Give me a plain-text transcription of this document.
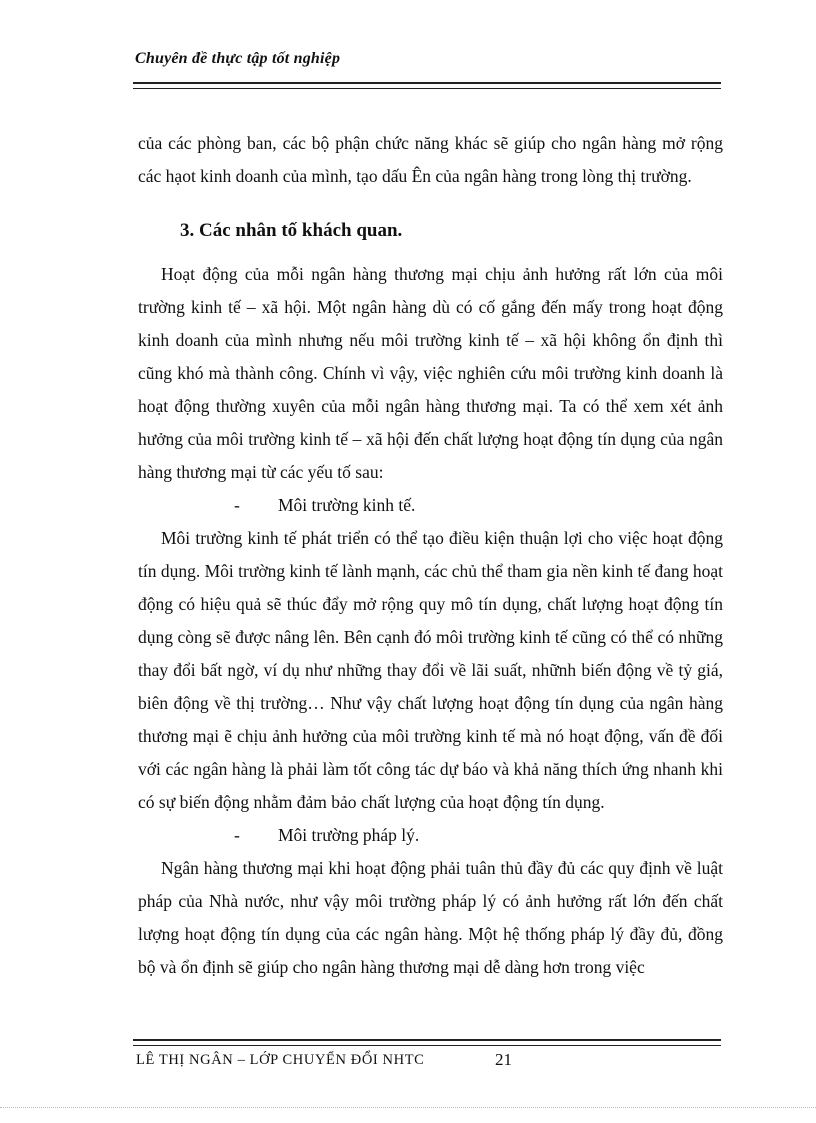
Chuyên đề thực tập tốt nghiệp

của các phòng ban, các bộ phận chức năng khác sẽ giúp cho ngân hàng mở rộng các hạot kinh doanh của mình, tạo dấu Ên của ngân hàng trong lòng thị trường.

3. Các nhân tố khách quan.

Hoạt động của mỗi ngân hàng thương mại chịu ảnh hưởng rất lớn của môi trường kinh tế – xã hội. Một ngân hàng dù có cố gắng đến mấy trong hoạt động kinh doanh của mình nhưng nếu môi trường kinh tế – xã hội không ổn định thì cũng khó mà thành công. Chính vì vậy, việc nghiên cứu môi trường kinh doanh là hoạt động thường xuyên của mỗi ngân hàng thương mại. Ta có thể xem xét ảnh hưởng của môi trường kinh tế – xã hội đến chất lượng hoạt động tín dụng của ngân hàng thương mại từ các yếu tố sau:

- Môi trường kinh tế.

Môi trường kinh tế phát triển có thể tạo điều kiện thuận lợi cho việc hoạt động tín dụng. Môi trường kinh tế lành mạnh, các chủ thể tham gia nền kinh tế đang hoạt động có hiệu quả sẽ thúc đẩy mở rộng quy mô tín dụng, chất lượng hoạt động tín dụng còng sẽ được nâng lên. Bên cạnh đó môi trường kinh tế cũng có thể có những thay đổi bất ngờ, ví dụ như những thay đổi về lãi suất, nhữnh biến động về tỷ giá, biên động về thị trường… Như vậy chất lượng hoạt động tín dụng của ngân hàng thương mại ẽ chịu ảnh hưởng của môi trường kinh tế mà nó hoạt động, vấn đề đối với các ngân hàng là phải làm tốt công tác dự báo và khả năng thích ứng nhanh khi có sự biến động nhằm đảm bảo chất lượng của hoạt động tín dụng.

- Môi trường pháp lý.

Ngân hàng thương mại khi hoạt động phải tuân thủ đầy đủ các quy định về luật pháp của Nhà nước, như vậy môi trường pháp lý có ảnh hưởng rất lớn đến chất lượng hoạt động tín dụng của các ngân hàng. Một hệ thống pháp lý đầy đủ, đồng bộ và ổn định sẽ giúp cho ngân hàng thương mại dễ dàng hơn trong việc

LÊ THỊ NGÂN – LỚP CHUYỂN ĐỔI NHTC	21
